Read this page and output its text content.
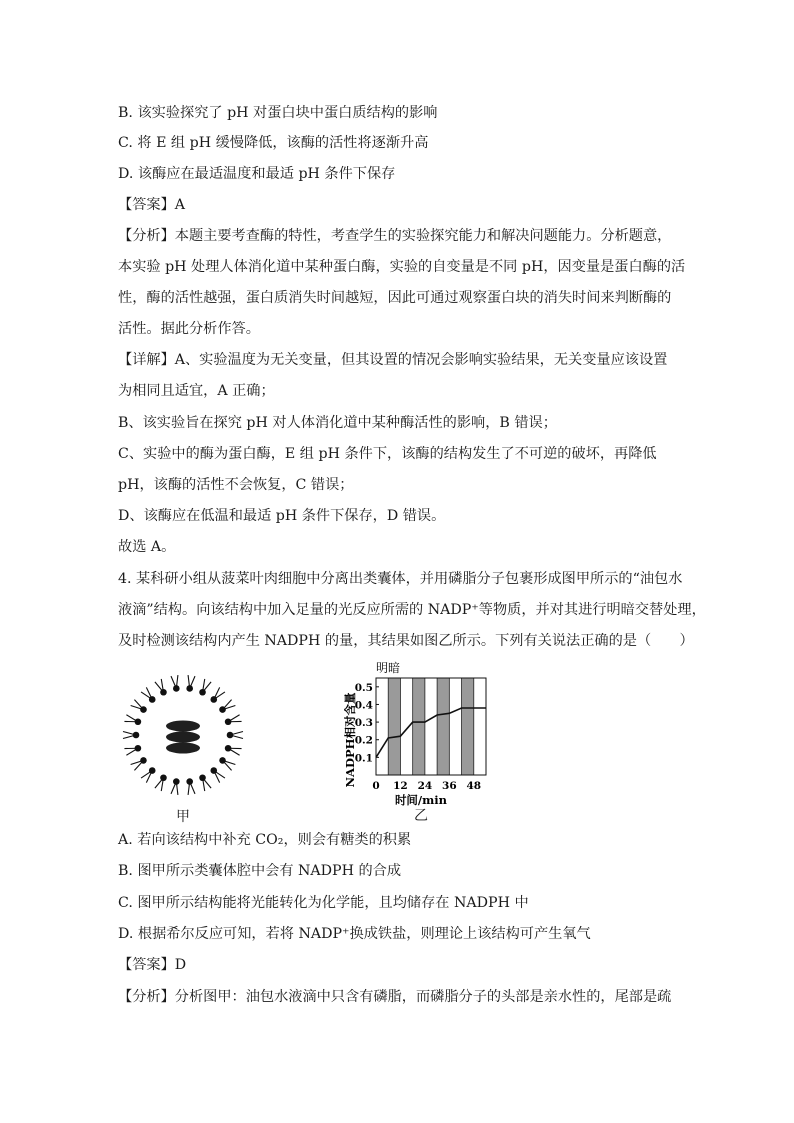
B. 该实验探究了 pH 对蛋白块中蛋白质结构的影响
C. 将 E 组 pH 缓慢降低，该酶的活性将逐渐升高
D. 该酶应在最适温度和最适 pH 条件下保存
【答案】A
【分析】本题主要考查酶的特性，考查学生的实验探究能力和解决问题能力。分析题意，
本实验 pH 处理人体消化道中某种蛋白酶，实验的自变量是不同 pH，因变量是蛋白酶的活
性，酶的活性越强，蛋白质消失时间越短，因此可通过观察蛋白块的消失时间来判断酶的
活性。据此分析作答。
【详解】A、实验温度为无关变量，但其设置的情况会影响实验结果，无关变量应该设置
为相同且适宜，A 正确；
B、该实验旨在探究 pH 对人体消化道中某种酶活性的影响，B 错误；
C、实验中的酶为蛋白酶，E 组 pH 条件下，该酶的结构发生了不可逆的破坏，再降低
pH，该酶的活性不会恢复，C 错误；
D、该酶应在低温和最适 pH 条件下保存，D 错误。
故选 A。
4. 某科研小组从菠菜叶肉细胞中分离出类囊体，并用磷脂分子包裹形成图甲所示的“油包水
液滴”结构。向该结构中加入足量的光反应所需的 NADP⁺等物质，并对其进行明暗交替处理，
及时检测该结构内产生 NADPH 的量，其结果如图乙所示。下列有关说法正确的是（　　）
甲
明暗
NADPH相对含量
0.1
0.2
0.3
0.4
0.5
0 12 24 36 48
时间/min
乙
A. 若向该结构中补充 CO₂，则会有糖类的积累
B. 图甲所示类囊体腔中会有 NADPH 的合成
C. 图甲所示结构能将光能转化为化学能，且均储存在 NADPH 中
D. 根据希尔反应可知，若将 NADP⁺换成铁盐，则理论上该结构可产生氧气
【答案】D
【分析】分析图甲：油包水液滴中只含有磷脂，而磷脂分子的头部是亲水性的，尾部是疏
